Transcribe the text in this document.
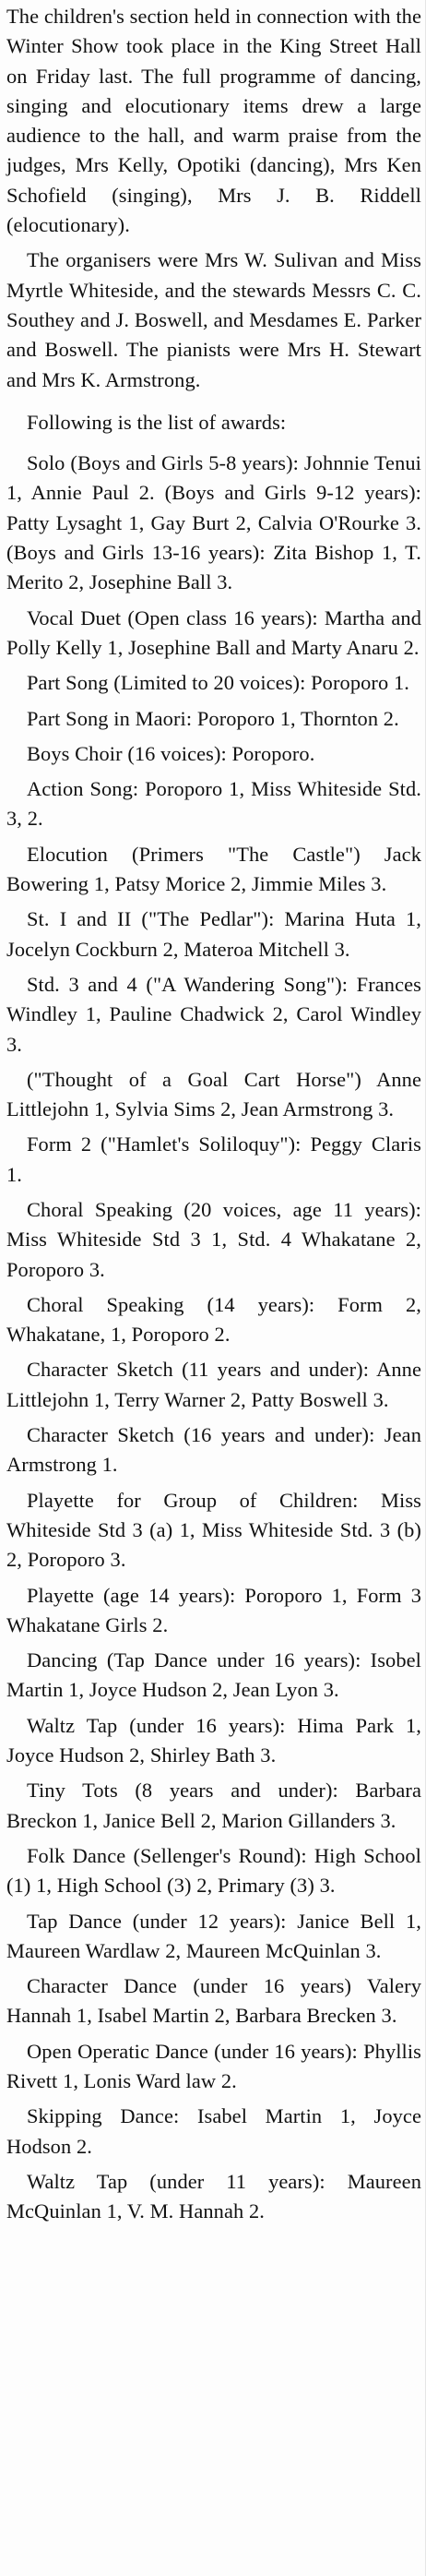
The children's section held in connection with the Winter Show took place in the King Street Hall on Friday last. The full programme of dancing, singing and elocutionary items drew a large audience to the hall, and warm praise from the judges, Mrs Kelly, Opotiki (dancing), Mrs Ken Schofield (singing), Mrs J. B. Riddell (elocutionary).

The organisers were Mrs W. Sulivan and Miss Myrtle Whiteside, and the stewards Messrs C. C. Southey and J. Boswell, and Mesdames E. Parker and Boswell. The pianists were Mrs H. Stewart and Mrs K. Armstrong.

Following is the list of awards:

Solo (Boys and Girls 5-8 years): Johnnie Tenui 1, Annie Paul 2. (Boys and Girls 9-12 years): Patty Lysaght 1, Gay Burt 2, Calvia O'Rourke 3. (Boys and Girls 13-16 years): Zita Bishop 1, T. Merito 2, Josephine Ball 3.

Vocal Duet (Open class 16 years): Martha and Polly Kelly 1, Josephine Ball and Marty Anaru 2.

Part Song (Limited to 20 voices): Poroporo 1.

Part Song in Maori: Poroporo 1, Thornton 2.

Boys Choir (16 voices): Poroporo.

Action Song: Poroporo 1, Miss Whiteside Std. 3, 2.

Elocution (Primers "The Castle") Jack Bowering 1, Patsy Morice 2, Jimmie Miles 3.

St. I and II ("The Pedlar"): Marina Huta 1, Jocelyn Cockburn 2, Materoa Mitchell 3.

Std. 3 and 4 ("A Wandering Song"): Frances Windley 1, Pauline Chadwick 2, Carol Windley 3.

("Thought of a Goal Cart Horse") Anne Littlejohn 1, Sylvia Sims 2, Jean Armstrong 3.

Form 2 ("Hamlet's Soliloquy"): Peggy Claris 1.

Choral Speaking (20 voices, age 11 years): Miss Whiteside Std 3 1, Std. 4 Whakatane 2, Poroporo 3.

Choral Speaking (14 years): Form 2, Whakatane, 1, Poroporo 2.

Character Sketch (11 years and under): Anne Littlejohn 1, Terry Warner 2, Patty Boswell 3.

Character Sketch (16 years and under): Jean Armstrong 1.

Playette for Group of Children: Miss Whiteside Std 3 (a) 1, Miss Whiteside Std. 3 (b) 2, Poroporo 3.

Playette (age 14 years): Poroporo 1, Form 3 Whakatane Girls 2.

Dancing (Tap Dance under 16 years): Isobel Martin 1, Joyce Hudson 2, Jean Lyon 3.

Waltz Tap (under 16 years): Hima Park 1, Joyce Hudson 2, Shirley Bath 3.

Tiny Tots (8 years and under): Barbara Breckon 1, Janice Bell 2, Marion Gillanders 3.

Folk Dance (Sellenger's Round): High School (1) 1, High School (3) 2, Primary (3) 3.

Tap Dance (under 12 years): Janice Bell 1, Maureen Wardlaw 2, Maureen McQuinlan 3.

Character Dance (under 16 years) Valery Hannah 1, Isabel Martin 2, Barbara Brecken 3.

Open Operatic Dance (under 16 years): Phyllis Rivett 1, Lonis Ward law 2.

Skipping Dance: Isabel Martin 1, Joyce Hodson 2.

Waltz Tap (under 11 years): Maureen McQuinlan 1, V. M. Hannah 2.
